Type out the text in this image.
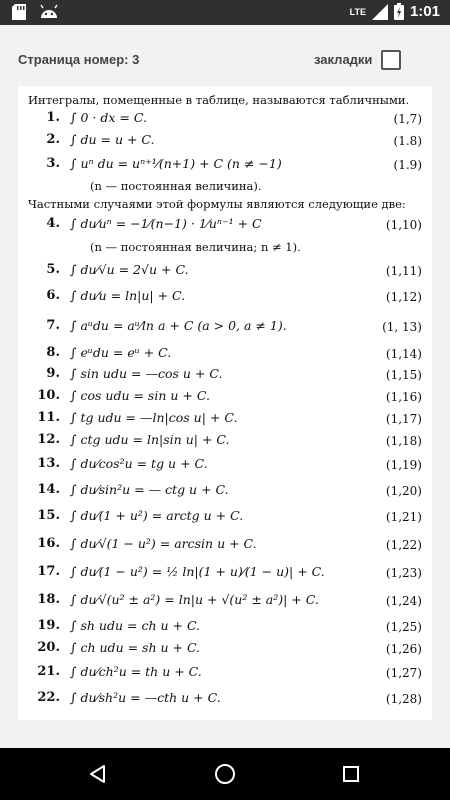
LTE	1:01
Страница номер: 3	закладки
Интегралы, помещенные в таблице, называются табличными.
1. ∫ 0 · dx = C.	(1,7)
2. ∫ du = u + C.	(1.8)
3. ∫ uⁿ du = uⁿ⁺¹⁄(n+1) + C (n ≠ −1)	(1.9)
4. ∫ du⁄uⁿ = −1⁄(n−1) · 1⁄uⁿ⁻¹ + C	(1,10)
5. ∫ du⁄√u = 2√u + C.	(1,11)
6. ∫ du⁄u = ln|u| + C.	(1,12)
7. ∫ aᵘdu = aᵘ⁄ln a + C (a > 0, a ≠ 1).	(1, 13)
8. ∫ eᵘdu = eᵘ + C.	(1,14)
9. ∫ sin udu = —cos u + C.	(1,15)
10. ∫ cos udu = sin u + C.	(1,16)
11. ∫ tg udu = —ln|cos u| + C.	(1,17)
12. ∫ ctg udu = ln|sin u| + C.	(1,18)
13. ∫ du⁄cos²u = tg u + C.	(1,19)
14. ∫ du⁄sin²u = — ctg u + C.	(1,20)
15. ∫ du⁄(1 + u²) = arctg u + C.	(1,21)
16. ∫ du⁄√(1 − u²) = arcsin u + C.	(1,22)
17. ∫ du⁄(1 − u²) = ½ ln|(1 + u)⁄(1 − u)| + C.	(1,23)
18. ∫ du⁄√(u² ± a²) = ln|u + √(u² ± a²)| + C.	(1,24)
19. ∫ sh udu = ch u + C.	(1,25)
20. ∫ ch udu = sh u + C.	(1,26)
21. ∫ du⁄ch²u = th u + C.	(1,27)
22. ∫ du⁄sh²u = —cth u + C.	(1,28)
(n — постоянная величина).
Частными случаями этой формулы являются следующие две:
(n — постоянная величина; n ≠ 1).
